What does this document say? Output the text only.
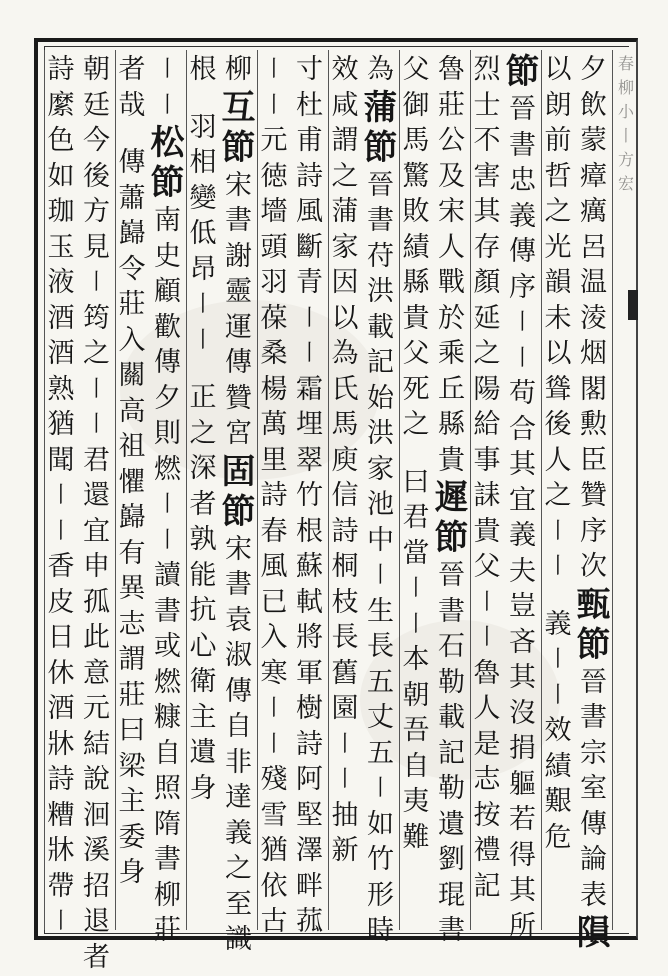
春
柳
小
丨
方
宏
夕
飲
蒙
瘴
癘
呂
温
淩
烟
閣
勲
臣
贊
序
次
甄
節
晉
書
宗
室
傳
論
表
隕
以
朗
前
哲
之
光
韻
未
以
聳
後
人
之
丨
丨
義
丨
丨
效
績
艱
危
節
晉
書
忠
義
傳
序
丨
丨
苟
合
其
宜
義
夫
豈
吝
其
沒
捐
軀
若
得
其
所
烈
士
不
害
其
存
顏
延
之
陽
給
事
誄
貴
父
丨
丨
魯
人
是
志
按
禮
記
魯
莊
公
及
宋
人
戰
於
乘
丘
縣
貴
遲
節
晉
書
石
勒
載
記
勒
遺
劉
琨
書
父
御
馬
驚
敗
績
縣
貴
父
死
之
曰
君
當
丨
丨
本
朝
吾
自
夷
難
為
蒲
節
晉
書
苻
洪
載
記
始
洪
家
池
中
丨
生
長
五
丈
五
丨
如
竹
形
時
效
咸
謂
之
蒲
家
因
以
為
氏
馬
庾
信
詩
桐
枝
長
舊
園
丨
丨
抽
新
寸
杜
甫
詩
風
斷
青
丨
丨
霜
埋
翠
竹
根
蘇
軾
將
軍
樹
詩
阿
堅
澤
畔
菰
丨
丨
元
徳
墻
頭
羽
葆
桑
楊
萬
里
詩
春
風
已
入
寒
丨
丨
殘
雪
猶
依
古
柳
互
節
宋
書
謝
靈
運
傳
贊
宮
固
節
宋
書
袁
淑
傳
自
非
達
義
之
至
識
根
羽
相
變
低
昂
丨
丨
正
之
深
者
孰
能
抗
心
衛
主
遺
身
丨
丨
松
節
南
史
顧
歡
傳
夕
則
燃
丨
丨
讀
書
或
燃
糠
自
照
隋
書
柳
莊
者
哉
傳
蕭
巋
令
莊
入
關
高
祖
懼
巋
有
異
志
謂
莊
曰
梁
主
委
身
朝
廷
今
後
方
見
丨
筠
之
丨
丨
君
還
宜
申
孤
此
意
元
結
說
洄
溪
招
退
者
詩
縻
色
如
珈
玉
液
酒
酒
熟
猶
聞
丨
丨
香
皮
日
休
酒
牀
詩
糟
牀
帶
丨
